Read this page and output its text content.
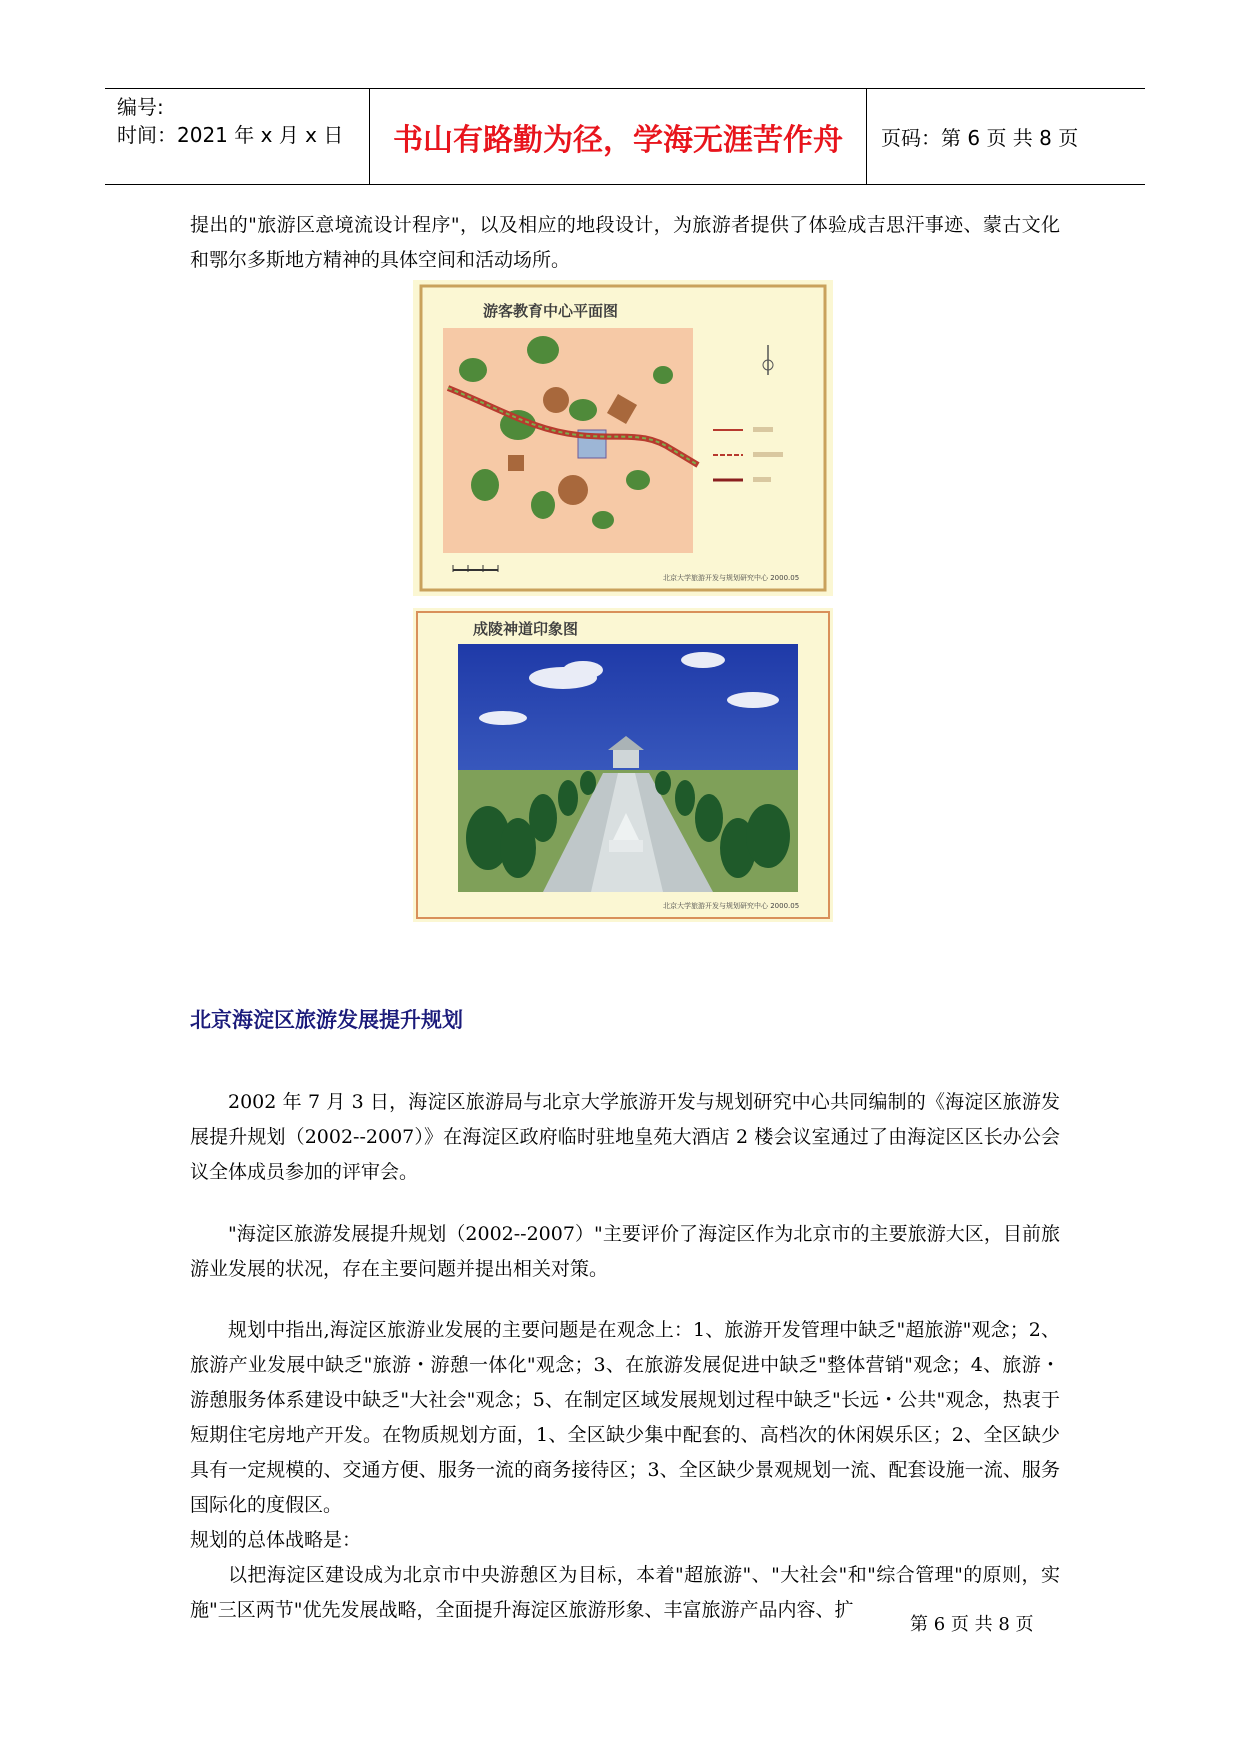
编号:
时间：2021 年 x 月 x 日	书山有路勤为径，学海无涯苦作舟	页码：第 6 页 共 8 页
提出的"旅游区意境流设计程序"，以及相应的地段设计，为旅游者提供了体验成吉思汗事迹、蒙古文化和鄂尔多斯地方精神的具体空间和活动场所。
游客教育中心平面图
北京大学旅游开发与规划研究中心 2000.05
成陵神道印象图
北京大学旅游开发与规划研究中心 2000.05
北京海淀区旅游发展提升规划
2002 年 7 月 3 日，海淀区旅游局与北京大学旅游开发与规划研究中心共同编制的《海淀区旅游发展提升规划（2002--2007）》在海淀区政府临时驻地皇苑大酒店 2 楼会议室通过了由海淀区区长办公会议全体成员参加的评审会。
"海淀区旅游发展提升规划（2002--2007）"主要评价了海淀区作为北京市的主要旅游大区，目前旅游业发展的状况，存在主要问题并提出相关对策。
规划中指出,海淀区旅游业发展的主要问题是在观念上：1、旅游开发管理中缺乏"超旅游"观念；2、旅游产业发展中缺乏"旅游・游憩一体化"观念；3、在旅游发展促进中缺乏"整体营销"观念；4、旅游・游憩服务体系建设中缺乏"大社会"观念；5、在制定区域发展规划过程中缺乏"长远・公共"观念，热衷于短期住宅房地产开发。在物质规划方面，1、全区缺少集中配套的、高档次的休闲娱乐区；2、全区缺少具有一定规模的、交通方便、服务一流的商务接待区；3、全区缺少景观规划一流、配套设施一流、服务国际化的度假区。
规划的总体战略是：
以把海淀区建设成为北京市中央游憩区为目标，本着"超旅游"、"大社会"和"综合管理"的原则，实施"三区两节"优先发展战略，全面提升海淀区旅游形象、丰富旅游产品内容、扩
第 6 页 共 8 页
